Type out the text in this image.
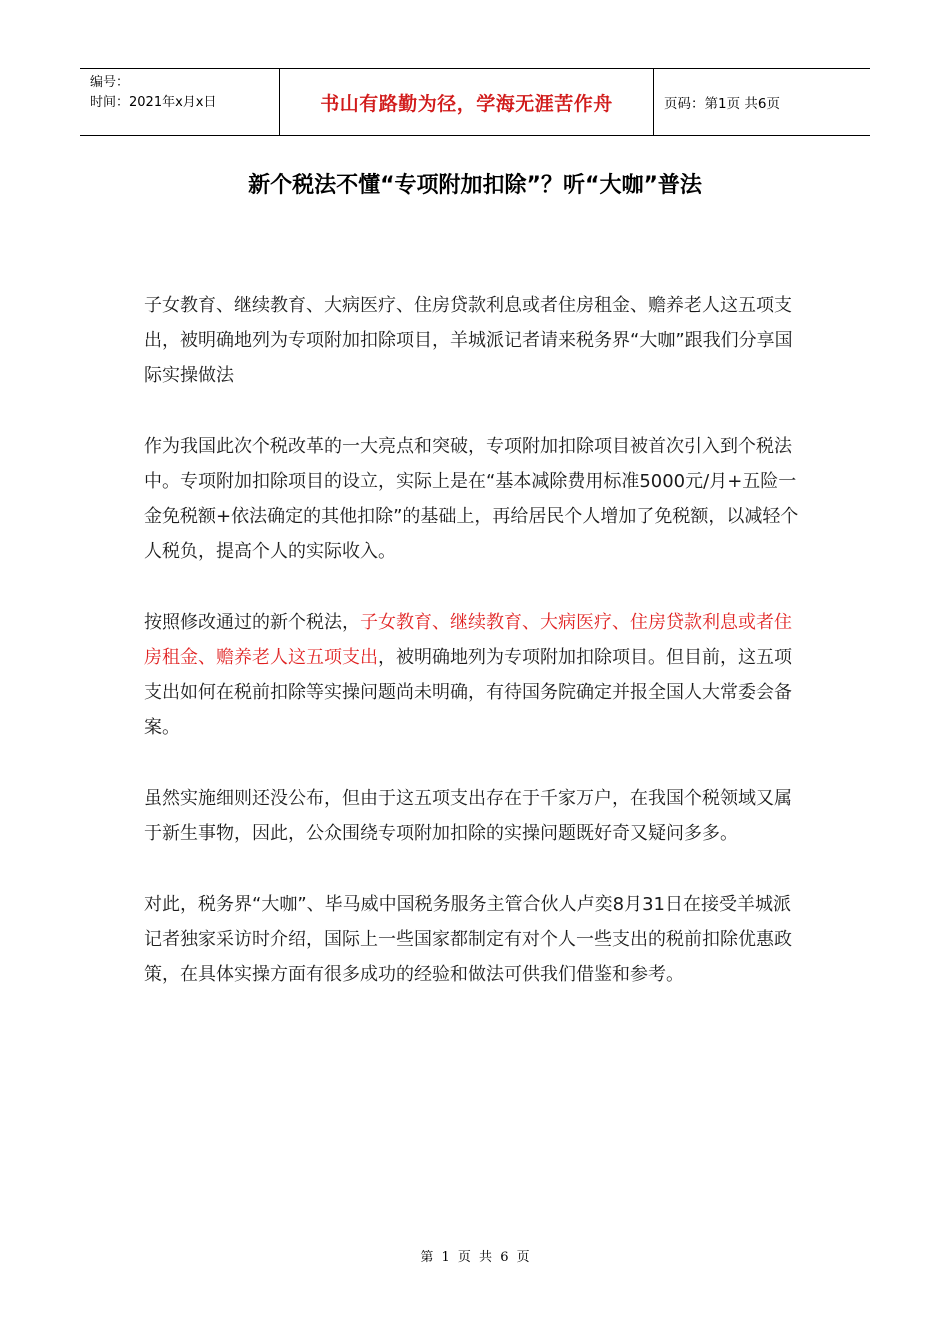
编号：
时间：2021年x月x日	书山有路勤为径，学海无涯苦作舟	页码：第1页 共6页
新个税法不懂“专项附加扣除”？听“大咖”普法

子女教育、继续教育、大病医疗、住房贷款利息或者住房租金、赡养老人这五项支出，被明确地列为专项附加扣除项目，羊城派记者请来税务界“大咖”跟我们分享国际实操做法

作为我国此次个税改革的一大亮点和突破，专项附加扣除项目被首次引入到个税法中。专项附加扣除项目的设立，实际上是在“基本减除费用标准5000元/月+五险一金免税额+依法确定的其他扣除”的基础上，再给居民个人增加了免税额，以减轻个人税负，提高个人的实际收入。

按照修改通过的新个税法，子女教育、继续教育、大病医疗、住房贷款利息或者住房租金、赡养老人这五项支出，被明确地列为专项附加扣除项目。但目前，这五项支出如何在税前扣除等实操问题尚未明确，有待国务院确定并报全国人大常委会备案。

虽然实施细则还没公布，但由于这五项支出存在于千家万户，在我国个税领域又属于新生事物，因此，公众围绕专项附加扣除的实操问题既好奇又疑问多多。

对此，税务界“大咖”、毕马威中国税务服务主管合伙人卢奕8月31日在接受羊城派记者独家采访时介绍，国际上一些国家都制定有对个人一些支出的税前扣除优惠政策，在具体实操方面有很多成功的经验和做法可供我们借鉴和参考。

第 1 页 共 6 页
